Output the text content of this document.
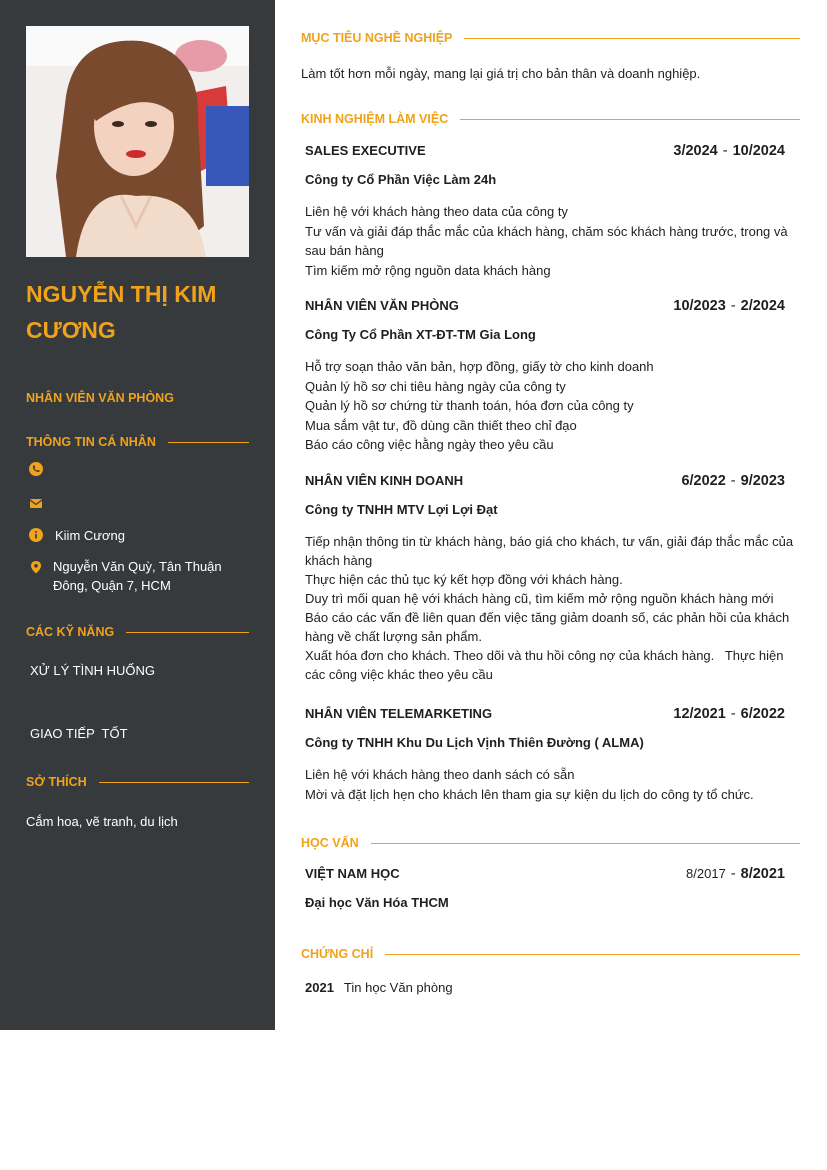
NGUYỄN THỊ KIM CƯƠNG
NHÂN VIÊN VĂN PHÒNG
THÔNG TIN CÁ NHÂN
Kiim Cương
Nguyễn Văn Quỳ, Tân Thuận Đông, Quận 7, HCM
CÁC KỸ NĂNG
XỬ LÝ TÌNH HUỐNG
GIAO TIẾP  TỐT
SỞ THÍCH
Cắm hoa, vẽ tranh, du lịch
MỤC TIÊU NGHỀ NGHIỆP
Làm tốt hơn mỗi ngày, mang lại giá trị cho bản thân và doanh nghiệp.
KINH NGHIỆM LÀM VIỆC
SALES EXECUTIVE	3/2024 - 10/2024
Công ty Cổ Phần Việc Làm 24h
Liên hệ với khách hàng theo data của công ty
Tư vấn và giải đáp thắc mắc của khách hàng, chăm sóc khách hàng trước, trong và sau bán hàng
Tìm kiếm mở rộng nguồn data khách hàng
NHÂN VIÊN VĂN PHÒNG	10/2023 - 2/2024
Công Ty Cổ Phần XT-ĐT-TM Gia Long
Hỗ trợ soạn thảo văn bản, hợp đồng, giấy tờ cho kinh doanh
Quản lý hồ sơ chi tiêu hàng ngày của công ty
Quản lý hồ sơ chứng từ thanh toán, hóa đơn của công ty
Mua sắm vật tư, đồ dùng cần thiết theo chỉ đạo
Báo cáo công việc hằng ngày theo yêu cầu
NHÂN VIÊN KINH DOANH	6/2022 - 9/2023
Công ty TNHH MTV Lợi Lợi Đạt
Tiếp nhận thông tin từ khách hàng, báo giá cho khách, tư vấn, giải đáp thắc mắc của khách hàng
Thực hiện các thủ tục ký kết hợp đồng với khách hàng.
Duy trì mối quan hệ với khách hàng cũ, tìm kiếm mở rộng nguồn khách hàng mới
Báo cáo các vấn đề liên quan đến việc tăng giảm doanh số, các phản hồi của khách hàng về chất lượng sản phẩm.
Xuất hóa đơn cho khách. Theo dõi và thu hồi công nợ của khách hàng.   Thực hiện các công việc khác theo yêu cầu
NHÂN VIÊN TELEMARKETING	12/2021 - 6/2022
Công ty TNHH Khu Du Lịch Vịnh Thiên Đường ( ALMA)
Liên hệ với khách hàng theo danh sách có sẵn
Mời và đặt lịch hẹn cho khách lên tham gia sự kiện du lịch do công ty tổ chức.
HỌC VẤN
VIỆT NAM HỌC	8/2017 - 8/2021
Đại học Văn Hóa THCM
CHỨNG CHỈ
2021 Tin học Văn phòng
